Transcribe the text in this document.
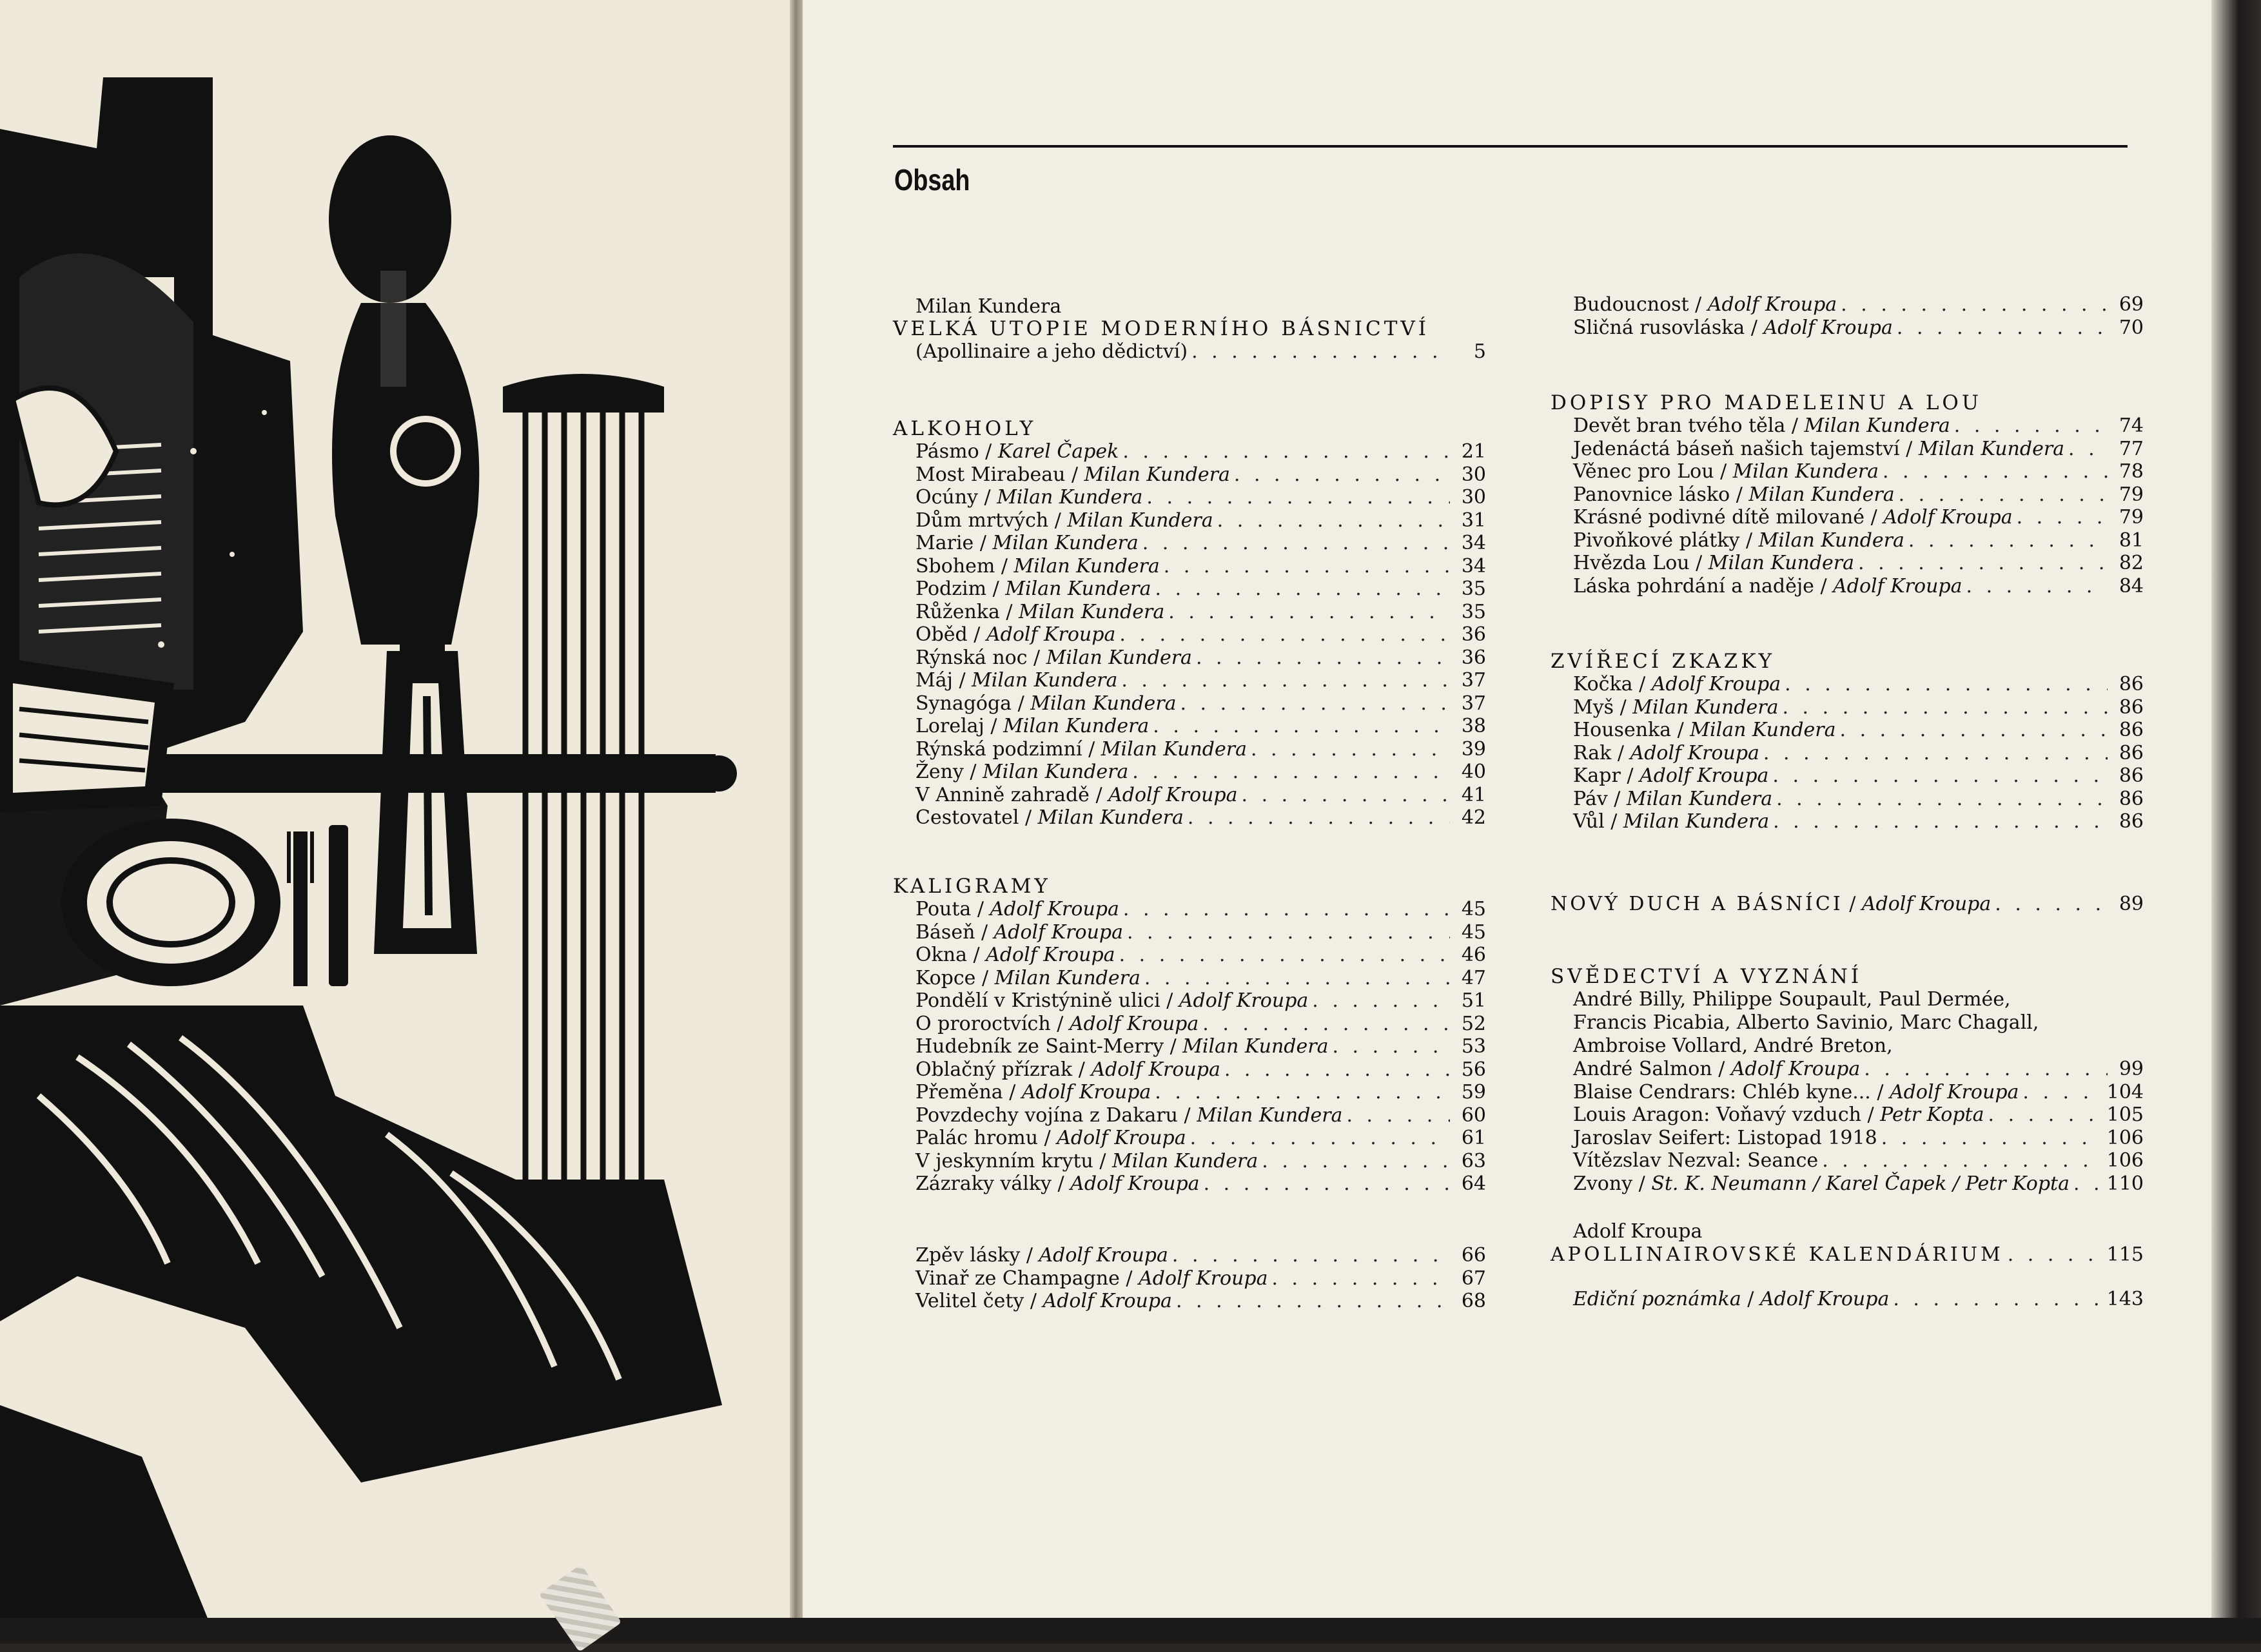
Obsah
Milan Kundera
VELKÁ UTOPIE MODERNÍHO BÁSNICTVÍ
(Apollinaire a jeho dědictví) . . .	5
ALKOHOLY
Pásmo / Karel Čapek . . .	21
Most Mirabeau / Milan Kundera . . .	30
Ocúny / Milan Kundera . . .	30
Dům mrtvých / Milan Kundera . . .	31
Marie / Milan Kundera . . .	34
Sbohem / Milan Kundera . . .	34
Podzim / Milan Kundera . . .	35
Růženka / Milan Kundera . . .	35
Oběd / Adolf Kroupa . . .	36
Rýnská noc / Milan Kundera . . .	36
Máj / Milan Kundera . . .	37
Synagóga / Milan Kundera . . .	37
Lorelaj / Milan Kundera . . .	38
Rýnská podzimní / Milan Kundera . . .	39
Ženy / Milan Kundera . . .	40
V Annině zahradě / Adolf Kroupa . . .	41
Cestovatel / Milan Kundera . . .	42
KALIGRAMY
Pouta / Adolf Kroupa . . .	45
Báseň / Adolf Kroupa . . .	45
Okna / Adolf Kroupa . . .	46
Kopce / Milan Kundera . . .	47
Pondělí v Kristýnině ulici / Adolf Kroupa . . .	51
O proroctvích / Adolf Kroupa . . .	52
Hudebník ze Saint-Merry / Milan Kundera . . .	53
Oblačný přízrak / Adolf Kroupa . . .	56
Přeměna / Adolf Kroupa . . .	59
Povzdechy vojína z Dakaru / Milan Kundera . . .	60
Palác hromu / Adolf Kroupa . . .	61
V jeskynním krytu / Milan Kundera . . .	63
Zázraky války / Adolf Kroupa . . .	64
Zpěv lásky / Adolf Kroupa . . .	66
Vinař ze Champagne / Adolf Kroupa . . .	67
Velitel čety / Adolf Kroupa . . .	68
Budoucnost / Adolf Kroupa . . .	69
Sličná rusovláska / Adolf Kroupa . . .	70
DOPISY PRO MADELEINU A LOU
Devět bran tvého těla / Milan Kundera . . .	74
Jedenáctá báseň našich tajemství / Milan Kundera . . .	77
Věnec pro Lou / Milan Kundera . . .	78
Panovnice lásko / Milan Kundera . . .	79
Krásné podivné dítě milované / Adolf Kroupa . . .	79
Pivoňkové plátky / Milan Kundera . . .	81
Hvězda Lou / Milan Kundera . . .	82
Láska pohrdání a naděje / Adolf Kroupa . . .	84
ZVÍŘECÍ ZKAZKY
Kočka / Adolf Kroupa . . .	86
Myš / Milan Kundera . . .	86
Housenka / Milan Kundera . . .	86
Rak / Adolf Kroupa . . .	86
Kapr / Adolf Kroupa . . .	86
Páv / Milan Kundera . . .	86
Vůl / Milan Kundera . . .	86
NOVÝ DUCH A BÁSNÍCI / Adolf Kroupa . . .	89
SVĚDECTVÍ A VYZNÁNÍ
André Billy, Philippe Soupault, Paul Dermée,
Francis Picabia, Alberto Savinio, Marc Chagall,
Ambroise Vollard, André Breton,
André Salmon / Adolf Kroupa . . .	99
Blaise Cendrars: Chléb kyne... / Adolf Kroupa . . .	104
Louis Aragon: Voňavý vzduch / Petr Kopta . . .	105
Jaroslav Seifert: Listopad 1918 . . .	106
Vítězslav Nezval: Seance . . .	106
Zvony / St. K. Neumann / Karel Čapek / Petr Kopta . . . 110
Adolf Kroupa
APOLLINAIROVSKÉ KALENDÁRIUM . . .	115
Ediční poznámka / Adolf Kroupa . . .	143
